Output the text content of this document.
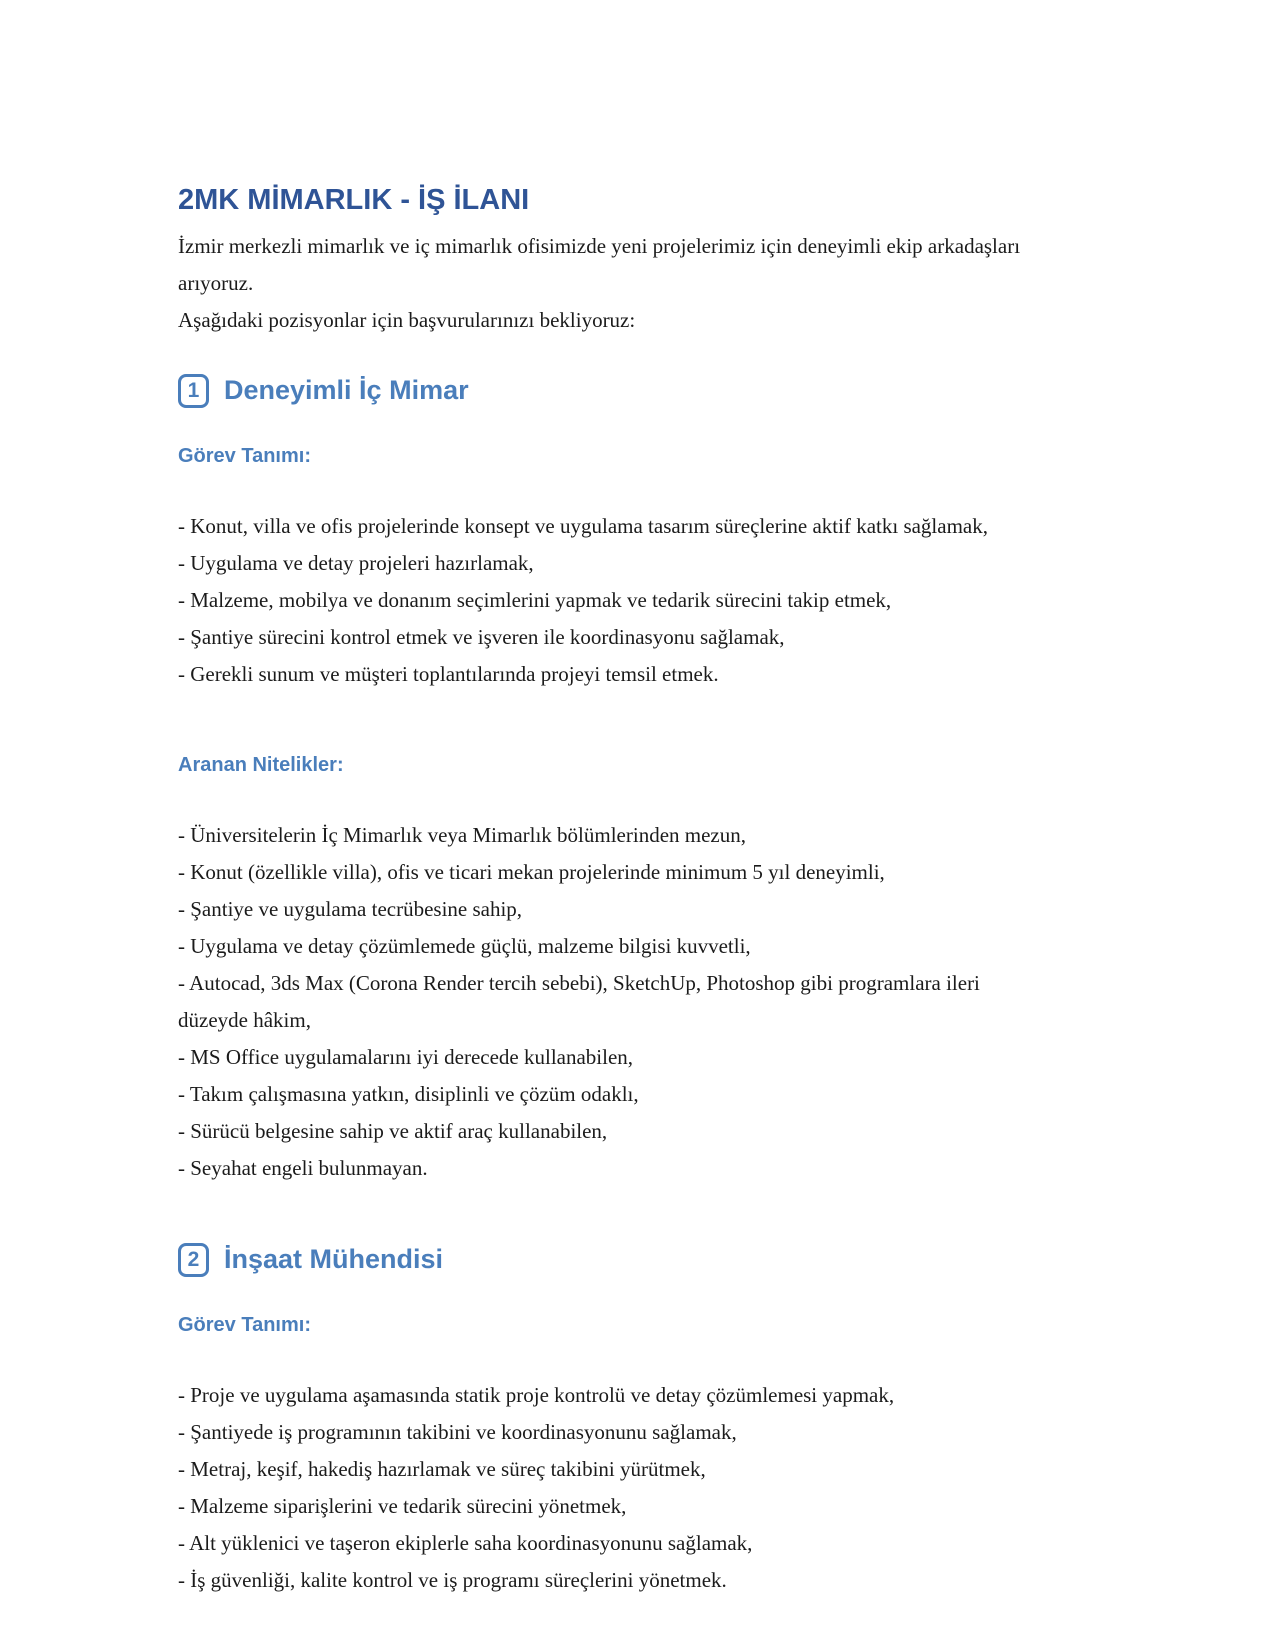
2MK MİMARLIK - İŞ İLANI

İzmir merkezli mimarlık ve iç mimarlık ofisimizde yeni projelerimiz için deneyimli ekip arkadaşları arıyoruz.

Aşağıdaki pozisyonlar için başvurularınızı bekliyoruz:

1 Deneyimli İç Mimar
Görev Tanımı:

- Konut, villa ve ofis projelerinde konsept ve uygulama tasarım süreçlerine aktif katkı sağlamak,

- Uygulama ve detay projeleri hazırlamak,

- Malzeme, mobilya ve donanım seçimlerini yapmak ve tedarik sürecini takip etmek,

- Şantiye sürecini kontrol etmek ve işveren ile koordinasyonu sağlamak,

- Gerekli sunum ve müşteri toplantılarında projeyi temsil etmek.

Aranan Nitelikler:

- Üniversitelerin İç Mimarlık veya Mimarlık bölümlerinden mezun,

- Konut (özellikle villa), ofis ve ticari mekan projelerinde minimum 5 yıl deneyimli,

- Şantiye ve uygulama tecrübesine sahip,

- Uygulama ve detay çözümlemede güçlü, malzeme bilgisi kuvvetli,

- Autocad, 3ds Max (Corona Render tercih sebebi), SketchUp, Photoshop gibi programlara ileri düzeyde hâkim,

- MS Office uygulamalarını iyi derecede kullanabilen,

- Takım çalışmasına yatkın, disiplinli ve çözüm odaklı,

- Sürücü belgesine sahip ve aktif araç kullanabilen,

- Seyahat engeli bulunmayan.

2 İnşaat Mühendisi
Görev Tanımı:

- Proje ve uygulama aşamasında statik proje kontrolü ve detay çözümlemesi yapmak,

- Şantiyede iş programının takibini ve koordinasyonunu sağlamak,

- Metraj, keşif, hakediş hazırlamak ve süreç takibini yürütmek,

- Malzeme siparişlerini ve tedarik sürecini yönetmek,

- Alt yüklenici ve taşeron ekiplerle saha koordinasyonunu sağlamak,

- İş güvenliği, kalite kontrol ve iş programı süreçlerini yönetmek.
